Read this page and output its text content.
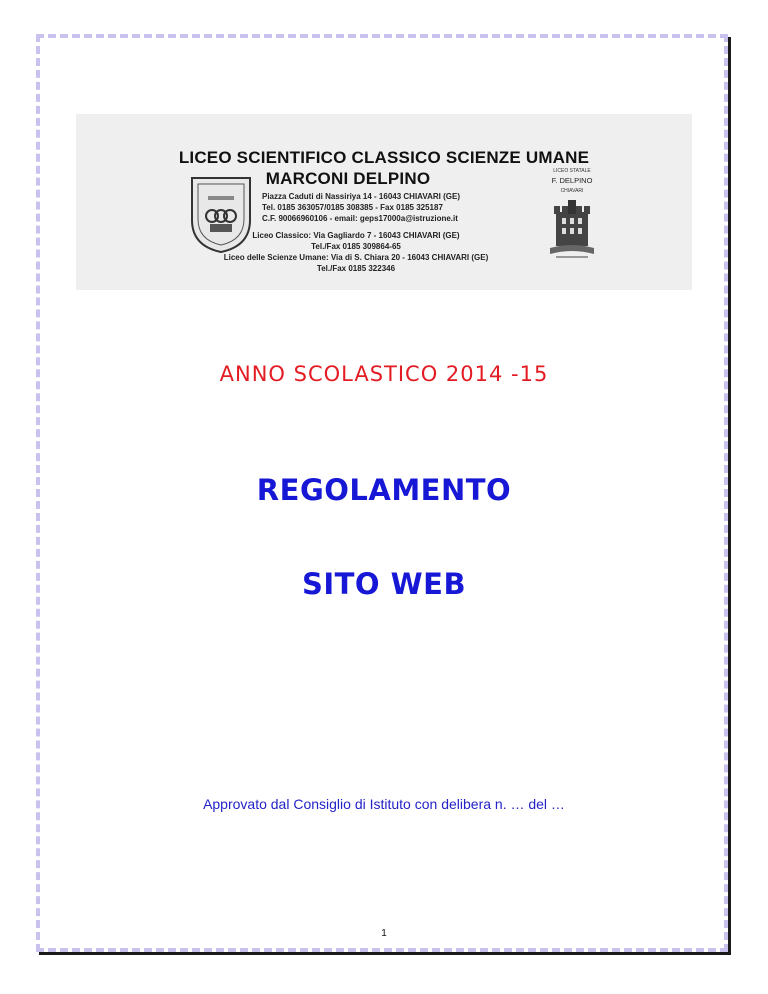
LICEO SCIENTIFICO CLASSICO SCIENZE UMANE
MARCONI DELPINO
Piazza Caduti di Nassiriya 14 - 16043 CHIAVARI (GE)
Tel. 0185 363057/0185 308385 - Fax 0185 325187
C.F. 90066960106 - email: geps17000a@istruzione.it
Liceo Classico: Via Gagliardo 7 - 16043 CHIAVARI (GE)
Tel./Fax 0185 309864-65
Liceo delle Scienze Umane: Via di S. Chiara 20 - 16043 CHIAVARI (GE)
Tel./Fax 0185 322346
LICEO STATALE
F. DELPINO
CHIAVARI
ANNO SCOLASTICO 2014 -15
REGOLAMENTO
SITO WEB
Approvato dal Consiglio di Istituto con delibera n. … del …
1
